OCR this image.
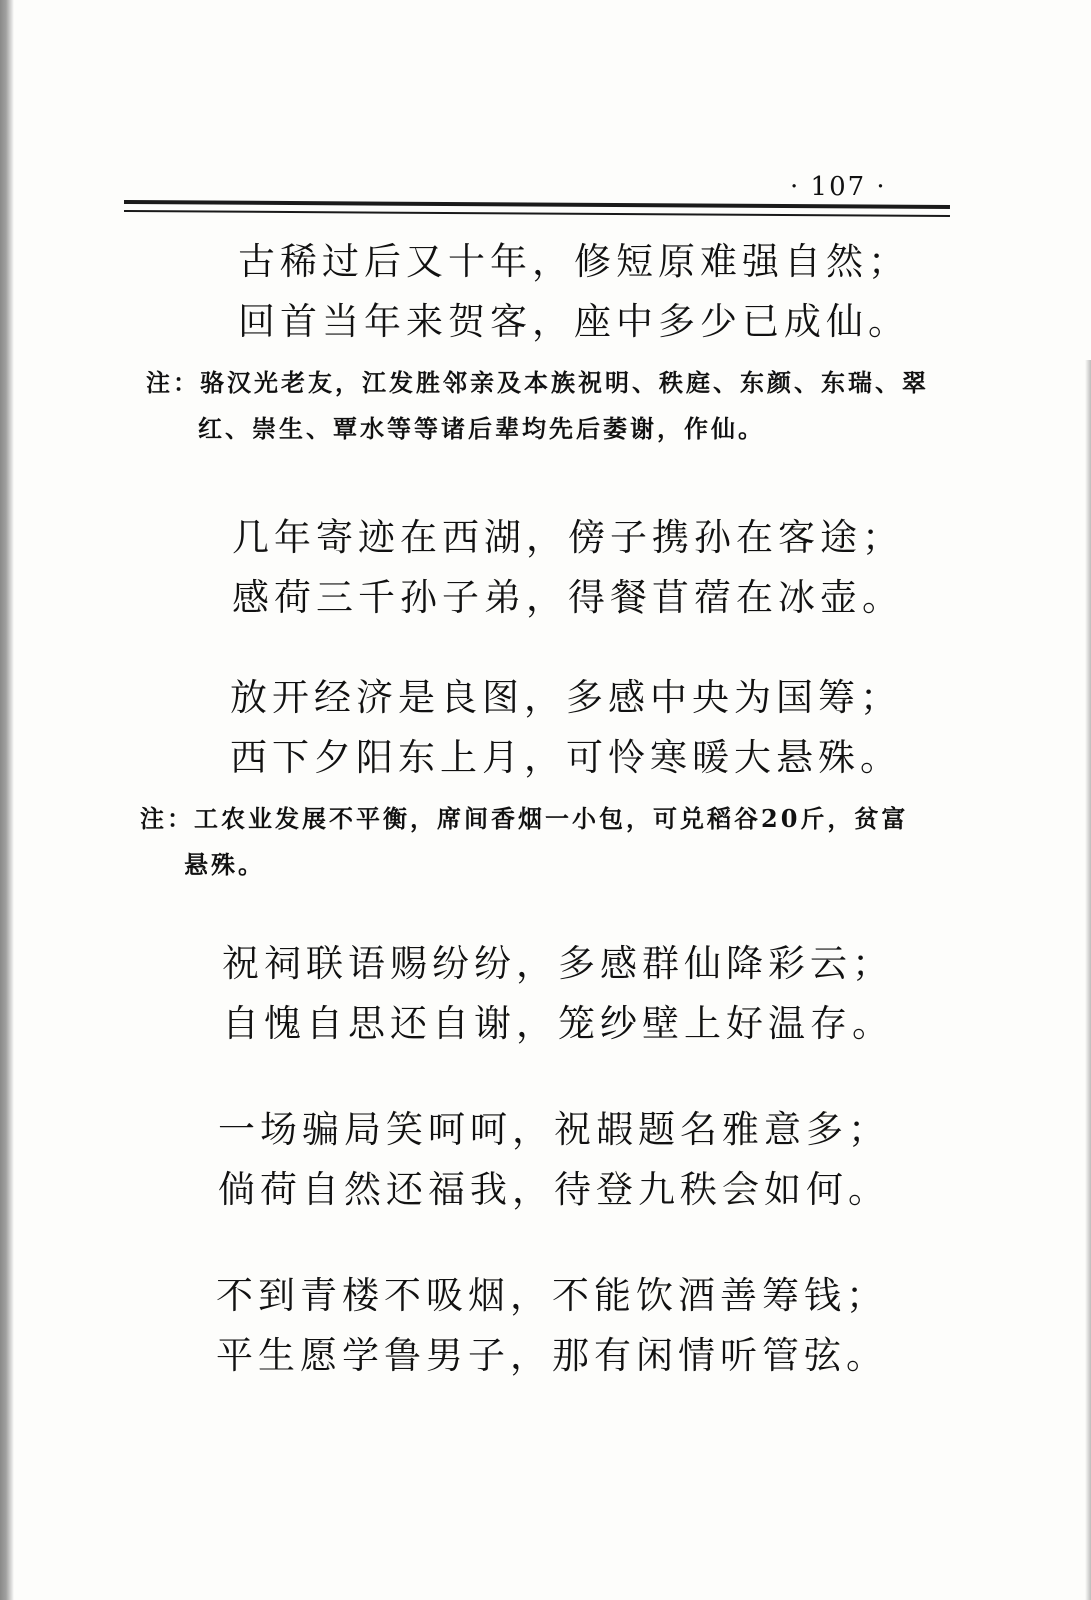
· 107 ·
古稀过后又十年，修短原难强自然；
回首当年来贺客，座中多少已成仙。
注：骆汉光老友，江发胜邻亲及本族祝明、秩庭、东颜、东瑞、翠
红、崇生、覃水等等诸后辈均先后萎谢，作仙。
几年寄迹在西湖，傍子携孙在客途；
感荷三千孙子弟，得餐苜蓿在冰壶。
放开经济是良图，多感中央为国筹；
西下夕阳东上月，可怜寒暖大悬殊。
注：工农业发展不平衡，席间香烟一小包，可兑稻谷20斤，贫富
悬殊。
祝祠联语赐纷纷，多感群仙降彩云；
自愧自思还自谢，笼纱壁上好温存。
一场骗局笑呵呵，祝嘏题名雅意多；
倘荷自然还福我，待登九秩会如何。
不到青楼不吸烟，不能饮酒善筹钱；
平生愿学鲁男子，那有闲情听管弦。
